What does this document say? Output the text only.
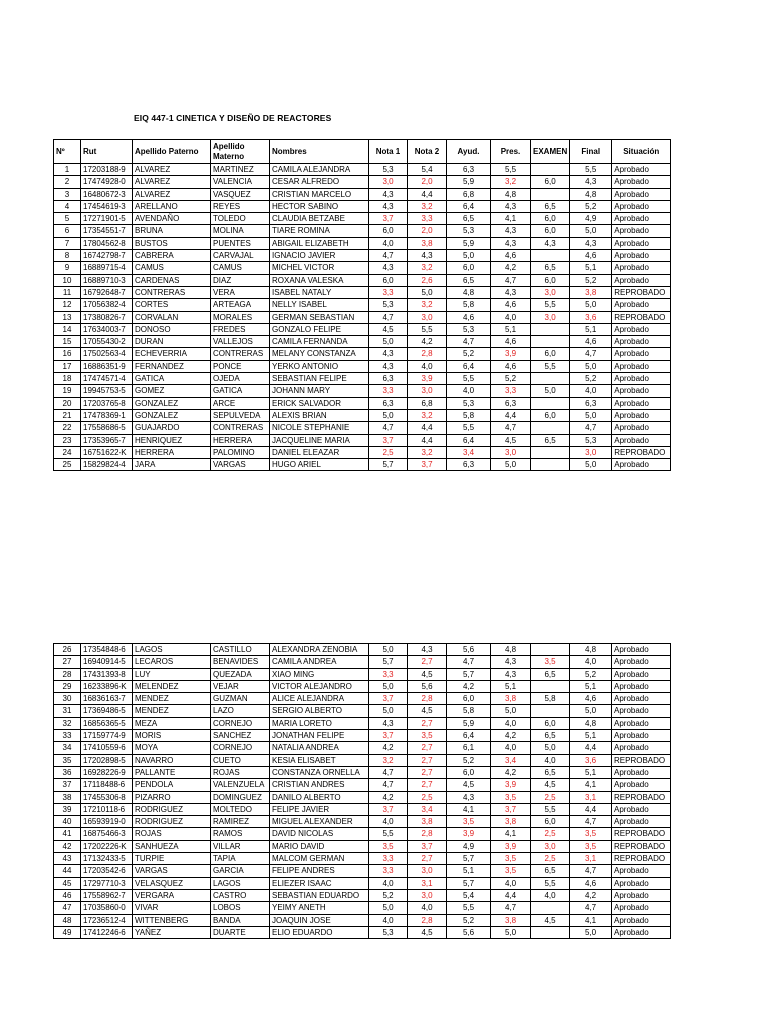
EIQ 447-1 CINETICA Y DISEÑO DE REACTORES
Nº	Rut	Apellido Paterno	Apellido Materno	Nombres	Nota 1	Nota 2	Ayud.	Pres.	EXAMEN	Final	Situación
1	17203188-9	ALVAREZ	MARTINEZ	CAMILA ALEJANDRA	5,3	5,4	6,3	5,5		5,5	Aprobado
2	17474928-0	ALVAREZ	VALENCIA	CESAR ALFREDO	3,0	2,0	5,9	3,2	6,0	4,3	Aprobado
3	16480672-3	ALVAREZ	VASQUEZ	CRISTIAN MARCELO	4,3	4,4	6,8	4,8		4,8	Aprobado
4	17454619-3	ARELLANO	REYES	HECTOR SABINO	4,3	3,2	6,4	4,3	6,5	5,2	Aprobado
5	17271901-5	AVENDAÑO	TOLEDO	CLAUDIA BETZABE	3,7	3,3	6,5	4,1	6,0	4,9	Aprobado
6	17354551-7	BRUNA	MOLINA	TIARE ROMINA	6,0	2,0	5,3	4,3	6,0	5,0	Aprobado
7	17804562-8	BUSTOS	PUENTES	ABIGAIL ELIZABETH	4,0	3,8	5,9	4,3	4,3	4,3	Aprobado
8	16742798-7	CABRERA	CARVAJAL	IGNACIO JAVIER	4,7	4,3	5,0	4,6		4,6	Aprobado
9	16889715-4	CAMUS	CAMUS	MICHEL VICTOR	4,3	3,2	6,0	4,2	6,5	5,1	Aprobado
10	16889710-3	CARDENAS	DIAZ	ROXANA VALESKA	6,0	2,6	6,5	4,7	6,0	5,2	Aprobado
11	16792648-7	CONTRERAS	VERA	ISABEL NATALY	3,3	5,0	4,8	4,3	3,0	3,8	REPROBADO
12	17056382-4	CORTES	ARTEAGA	NELLY ISABEL	5,3	3,2	5,8	4,6	5,5	5,0	Aprobado
13	17380826-7	CORVALAN	MORALES	GERMAN SEBASTIAN	4,7	3,0	4,6	4,0	3,0	3,6	REPROBADO
14	17634003-7	DONOSO	FREDES	GONZALO FELIPE	4,5	5,5	5,3	5,1		5,1	Aprobado
15	17055430-2	DURAN	VALLEJOS	CAMILA FERNANDA	5,0	4,2	4,7	4,6		4,6	Aprobado
16	17502563-4	ECHEVERRIA	CONTRERAS	MELANY CONSTANZA	4,3	2,8	5,2	3,9	6,0	4,7	Aprobado
17	16886351-9	FERNANDEZ	PONCE	YERKO ANTONIO	4,3	4,0	6,4	4,6	5,5	5,0	Aprobado
18	17474571-4	GATICA	OJEDA	SEBASTIAN FELIPE	6,3	3,9	5,5	5,2		5,2	Aprobado
19	19945753-5	GOMEZ	GATICA	JOHANN MARY	3,3	3,0	4,0	3,3	5,0	4,0	Aprobado
20	17203765-8	GONZALEZ	ARCE	ERICK SALVADOR	6,3	6,8	5,3	6,3		6,3	Aprobado
21	17478369-1	GONZALEZ	SEPULVEDA	ALEXIS BRIAN	5,0	3,2	5,8	4,4	6,0	5,0	Aprobado
22	17558686-5	GUAJARDO	CONTRERAS	NICOLE STEPHANIE	4,7	4,4	5,5	4,7		4,7	Aprobado
23	17353965-7	HENRIQUEZ	HERRERA	JACQUELINE MARIA	3,7	4,4	6,4	4,5	6,5	5,3	Aprobado
24	16751622-K	HERRERA	PALOMINO	DANIEL ELEAZAR	2,5	3,2	3,4	3,0		3,0	REPROBADO
25	15829824-4	JARA	VARGAS	HUGO ARIEL	5,7	3,7	6,3	5,0		5,0	Aprobado
26	17354848-6	LAGOS	CASTILLO	ALEXANDRA ZENOBIA	5,0	4,3	5,6	4,8		4,8	Aprobado
27	16940914-5	LECAROS	BENAVIDES	CAMILA ANDREA	5,7	2,7	4,7	4,3	3,5	4,0	Aprobado
28	17431393-8	LUY	QUEZADA	XIAO MING	3,3	4,5	5,7	4,3	6,5	5,2	Aprobado
29	16233896-K	MELENDEZ	VEJAR	VICTOR ALEJANDRO	5,0	5,6	4,2	5,1		5,1	Aprobado
30	16836163-7	MENDEZ	GUZMAN	ALICE ALEJANDRA	3,7	2,8	6,0	3,8	5,8	4,6	Aprobado
31	17369486-5	MENDEZ	LAZO	SERGIO ALBERTO	5,0	4,5	5,8	5,0		5,0	Aprobado
32	16856365-5	MEZA	CORNEJO	MARIA LORETO	4,3	2,7	5,9	4,0	6,0	4,8	Aprobado
33	17159774-9	MORIS	SANCHEZ	JONATHAN FELIPE	3,7	3,5	6,4	4,2	6,5	5,1	Aprobado
34	17410559-6	MOYA	CORNEJO	NATALIA ANDREA	4,2	2,7	6,1	4,0	5,0	4,4	Aprobado
35	17202898-5	NAVARRO	CUETO	KESIA ELISABET	3,2	2,7	5,2	3,4	4,0	3,6	REPROBADO
36	16928226-9	PALLANTE	ROJAS	CONSTANZA ORNELLA	4,7	2,7	6,0	4,2	6,5	5,1	Aprobado
37	17118488-6	PENDOLA	VALENZUELA	CRISTIAN ANDRES	4,7	2,7	4,5	3,9	4,5	4,1	Aprobado
38	17455306-8	PIZARRO	DOMINGUEZ	DANILO ALBERTO	4,2	2,5	4,3	3,5	2,5	3,1	REPROBADO
39	17210118-6	RODRIGUEZ	MOLTEDO	FELIPE JAVIER	3,7	3,4	4,1	3,7	5,5	4,4	Aprobado
40	16593919-0	RODRIGUEZ	RAMIREZ	MIGUEL ALEXANDER	4,0	3,8	3,5	3,8	6,0	4,7	Aprobado
41	16875466-3	ROJAS	RAMOS	DAVID NICOLAS	5,5	2,8	3,9	4,1	2,5	3,5	REPROBADO
42	17202226-K	SANHUEZA	VILLAR	MARIO DAVID	3,5	3,7	4,9	3,9	3,0	3,5	REPROBADO
43	17132433-5	TURPIE	TAPIA	MALCOM GERMAN	3,3	2,7	5,7	3,5	2,5	3,1	REPROBADO
44	17203542-6	VARGAS	GARCIA	FELIPE ANDRES	3,3	3,0	5,1	3,5	6,5	4,7	Aprobado
45	17297710-3	VELASQUEZ	LAGOS	ELIEZER ISAAC	4,0	3,1	5,7	4,0	5,5	4,6	Aprobado
46	17558962-7	VERGARA	CASTRO	SEBASTIAN EDUARDO	5,2	3,0	5,4	4,4	4,0	4,2	Aprobado
47	17035860-0	VIVAR	LOBOS	YEIMY ANETH	5,0	4,0	5,5	4,7		4,7	Aprobado
48	17236512-4	WITTENBERG	BANDA	JOAQUIN JOSE	4,0	2,8	5,2	3,8	4,5	4,1	Aprobado
49	17412246-6	YAÑEZ	DUARTE	ELIO EDUARDO	5,3	4,5	5,6	5,0		5,0	Aprobado
